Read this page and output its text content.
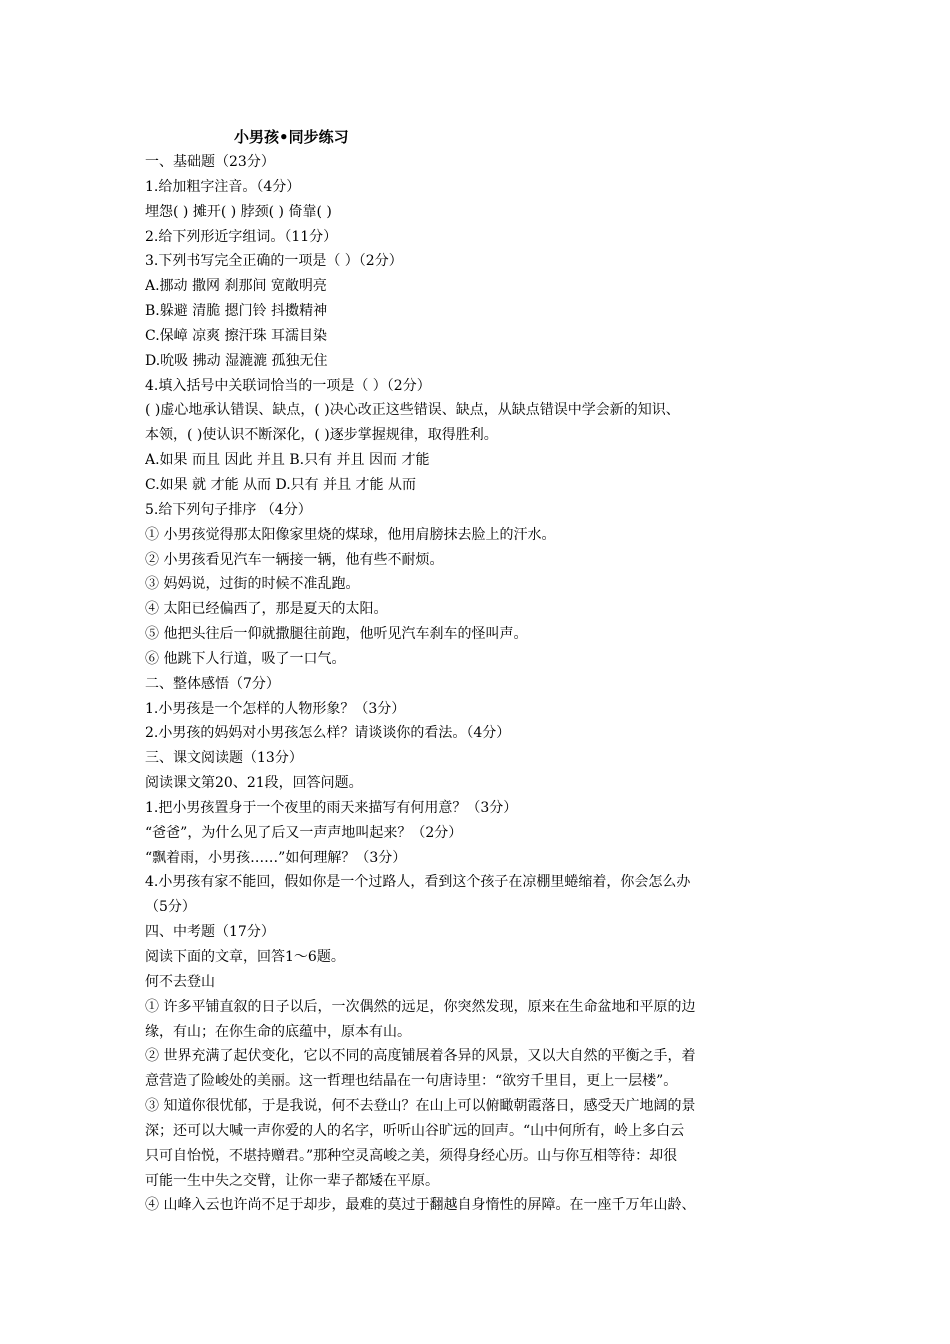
小男孩•同步练习
一、基础题（23分）
1.给加粗字注音。（4分）
埋怨( ) 摊开( ) 脖颈( ) 倚靠( )
2.给下列形近字组词。（11分）
3.下列书写完全正确的一项是（ ）（2分）
A.挪动 撒网 刹那间 宽敞明亮
B.躲避 清脆 摁门铃 抖擞精神
C.保嶂 凉爽 擦汗珠 耳濡目染
D.吮吸 拂动 湿漉漉 孤独无住
4.填入括号中关联词恰当的一项是（ ）（2分）
( )虚心地承认错误、缺点，( )决心改正这些错误、缺点，从缺点错误中学会新的知识、
本领，( )使认识不断深化，( )逐步掌握规律，取得胜利。
A.如果 而且 因此 并且 B.只有 并且 因而 才能
C.如果 就 才能 从而 D.只有 并且 才能 从而
5.给下列句子排序 （4分）
① 小男孩觉得那太阳像家里烧的煤球，他用肩膀抹去脸上的汗水。
② 小男孩看见汽车一辆接一辆，他有些不耐烦。
③ 妈妈说，过街的时候不准乱跑。
④ 太阳已经偏西了，那是夏天的太阳。
⑤ 他把头往后一仰就撒腿往前跑，他听见汽车刹车的怪叫声。
⑥ 他跳下人行道，吸了一口气。
二、整体感悟（7分）
1.小男孩是一个怎样的人物形象？（3分）
2.小男孩的妈妈对小男孩怎么样？请谈谈你的看法。（4分）
三、课文阅读题（13分）
阅读课文第20、21段，回答问题。
1.把小男孩置身于一个夜里的雨天来描写有何用意？（3分）
“爸爸”，为什么见了后又一声声地叫起来？（2分）
“飘着雨，小男孩……”如何理解？（3分）
4.小男孩有家不能回，假如你是一个过路人，看到这个孩子在凉棚里蜷缩着，你会怎么办
（5分）
四、中考题（17分）
阅读下面的文章，回答1～6题。
何不去登山
① 许多平铺直叙的日子以后，一次偶然的远足，你突然发现，原来在生命盆地和平原的边
缘，有山；在你生命的底蕴中，原本有山。
② 世界充满了起伏变化，它以不同的高度铺展着各异的风景，又以大自然的平衡之手，着
意营造了险峻处的美丽。这一哲理也结晶在一句唐诗里：“欲穷千里目，更上一层楼”。
③ 知道你很忧郁，于是我说，何不去登山？在山上可以俯瞰朝霞落日，感受天广地阔的景
深；还可以大喊一声你爱的人的名字，听听山谷旷远的回声。“山中何所有，岭上多白云
只可自怡悦，不堪持赠君。”那种空灵高峻之美，须得身经心历。山与你互相等待：却很
可能一生中失之交臂，让你一辈子都矮在平原。
④ 山峰入云也许尚不足于却步，最难的莫过于翻越自身惰性的屏障。在一座千万年山龄、
